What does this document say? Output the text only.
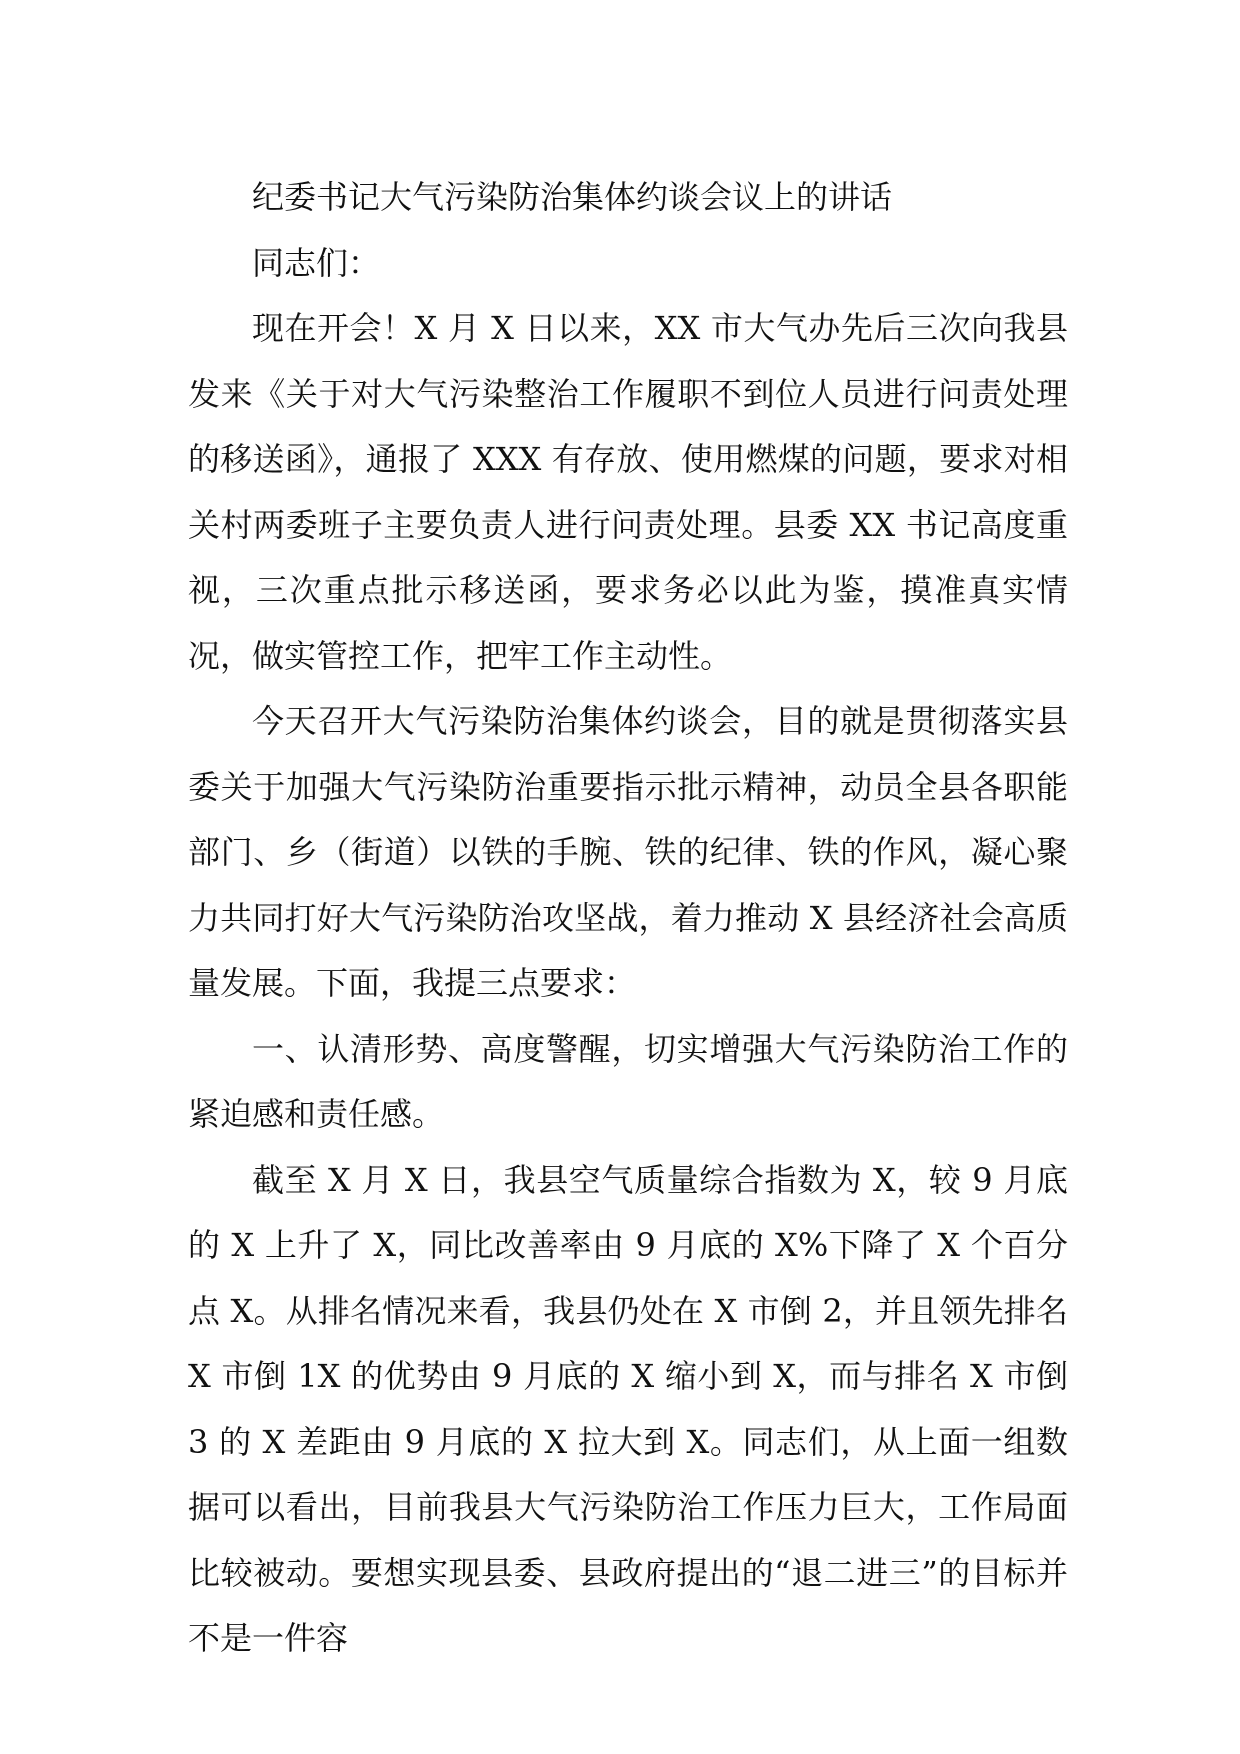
纪委书记大气污染防治集体约谈会议上的讲话

同志们：

现在开会！X 月 X 日以来，XX 市大气办先后三次向我县发来《关于对大气污染整治工作履职不到位人员进行问责处理的移送函》，通报了 XXX 有存放、使用燃煤的问题，要求对相关村两委班子主要负责人进行问责处理。县委 XX 书记高度重视，三次重点批示移送函，要求务必以此为鉴，摸准真实情况，做实管控工作，把牢工作主动性。

今天召开大气污染防治集体约谈会，目的就是贯彻落实县委关于加强大气污染防治重要指示批示精神，动员全县各职能部门、乡（街道）以铁的手腕、铁的纪律、铁的作风，凝心聚力共同打好大气污染防治攻坚战，着力推动 X 县经济社会高质量发展。下面，我提三点要求：

一、认清形势、高度警醒，切实增强大气污染防治工作的紧迫感和责任感。

截至 X 月 X 日，我县空气质量综合指数为 X，较 9 月底的 X 上升了 X，同比改善率由 9 月底的 X%下降了 X 个百分点 X。从排名情况来看，我县仍处在 X 市倒 2，并且领先排名 X 市倒 1X 的优势由 9 月底的 X 缩小到 X，而与排名 X 市倒 3 的 X 差距由 9 月底的 X 拉大到 X。同志们，从上面一组数据可以看出，目前我县大气污染防治工作压力巨大，工作局面比较被动。要想实现县委、县政府提出的“退二进三”的目标并不是一件容
